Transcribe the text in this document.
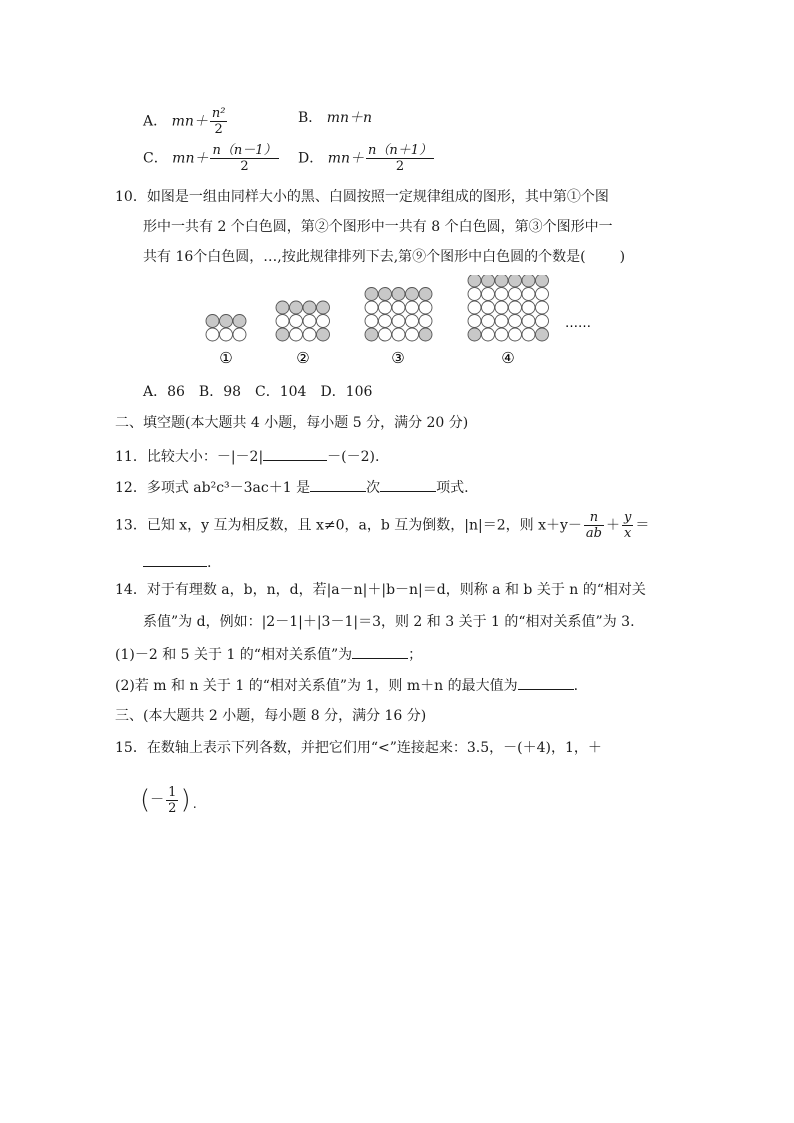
A． $mn+ \frac{\text{n²}}{2}$	B． mn＋n
C． $mn+ \frac{n(n-1)}{2}$ D． $mn+ \frac{n(n+1)}{2}$
10．如图是一组由同样大小的黑、白圆按照一定规律组成的图形，其中第①个图
形中一共有 2 个白色圆，第②个图形中一共有 8 个白色圆，第③个图形中一
共有 16个白色圆，…,按此规律排列下去,第⑨个图形中白色圆的个数是( )
①	②	③	④
……
A．86　B．98　C．104　D．106
二、填空题(本大题共 4 小题，每小题 5 分，满分 20 分)
11．比较大小：－|－2|	－(－2).
12．多项式 ab²c³－3ac＋1 是	次	项式.
13．已知 x，y 互为相反数，且 x≠0，a，b 互为倒数，|n|＝2，则 $x+y- \frac{n}{ab} + \frac{y}{x}$ ＝
.
14．对于有理数 a，b，n，d，若|a－n|＋|b－n|＝d，则称 a 和 b 关于 n 的“相对关
系值”为 d，例如：|2－1|＋|3－1|＝3，则 2 和 3 关于 1 的“相对关系值”为 3.
(1)－2 和 5 关于 1 的“相对关系值”为	；
(2)若 m 和 n 关于 1 的“相对关系值”为 1，则 m＋n 的最大值为	.
三、(本大题共 2 小题，每小题 8 分，满分 16 分)
15．在数轴上表示下列各数，并把它们用“<”连接起来：3.5，－(＋4)，1，＋
(－ $\frac{1}{2}$ ).
